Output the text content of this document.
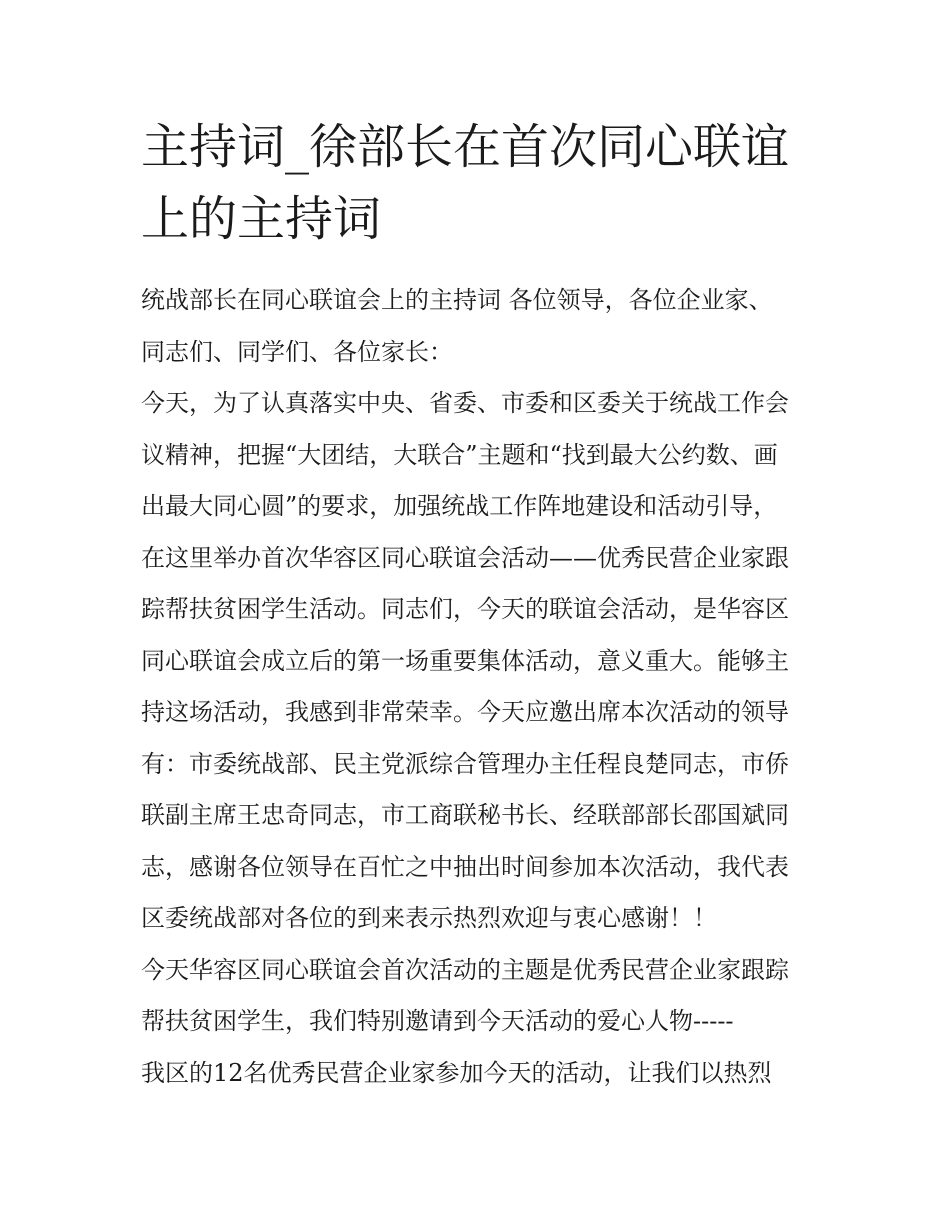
主持词_徐部长在首次同心联谊
上的主持词
统战部长在同心联谊会上的主持词 各位领导，各位企业家、
同志们、同学们、各位家长：
今天，为了认真落实中央、省委、市委和区委关于统战工作会
议精神，把握“大团结，大联合”主题和“找到最大公约数、画
出最大同心圆”的要求，加强统战工作阵地建设和活动引导，
在这里举办首次华容区同心联谊会活动——优秀民营企业家跟
踪帮扶贫困学生活动。同志们，今天的联谊会活动，是华容区
同心联谊会成立后的第一场重要集体活动，意义重大。能够主
持这场活动，我感到非常荣幸。今天应邀出席本次活动的领导
有：市委统战部、民主党派综合管理办主任程良楚同志，市侨
联副主席王忠奇同志，市工商联秘书长、经联部部长邵国斌同
志，感谢各位领导在百忙之中抽出时间参加本次活动，我代表
区委统战部对各位的到来表示热烈欢迎与衷心感谢！！
今天华容区同心联谊会首次活动的主题是优秀民营企业家跟踪
帮扶贫困学生，我们特别邀请到今天活动的爱心人物-----
我区的12名优秀民营企业家参加今天的活动，让我们以热烈
